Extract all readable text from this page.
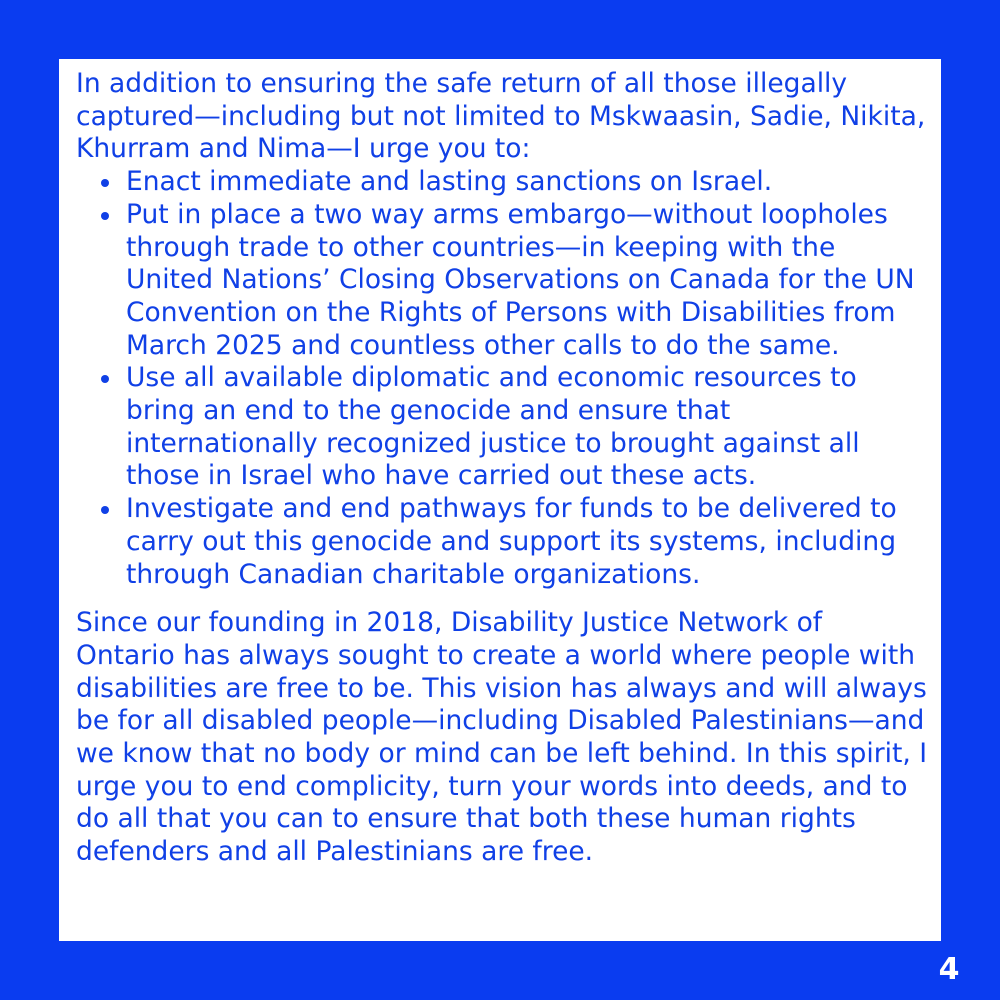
In addition to ensuring the safe return of all those illegally captured—including but not limited to Mskwaasin, Sadie, Nikita, Khurram and Nima—I urge you to:

Enact immediate and lasting sanctions on Israel.
Put in place a two way arms embargo—without loopholes through trade to other countries—in keeping with the United Nations’ Closing Observations on Canada for the UN Convention on the Rights of Persons with Disabilities from March 2025 and countless other calls to do the same.
Use all available diplomatic and economic resources to bring an end to the genocide and ensure that internationally recognized justice to brought against all those in Israel who have carried out these acts.
Investigate and end pathways for funds to be delivered to carry out this genocide and support its systems, including through Canadian charitable organizations.

Since our founding in 2018, Disability Justice Network of Ontario has always sought to create a world where people with disabilities are free to be. This vision has always and will always be for all disabled people—including Disabled Palestinians—and we know that no body or mind can be left behind. In this spirit, I urge you to end complicity, turn your words into deeds, and to do all that you can to ensure that both these human rights defenders and all Palestinians are free.

4
